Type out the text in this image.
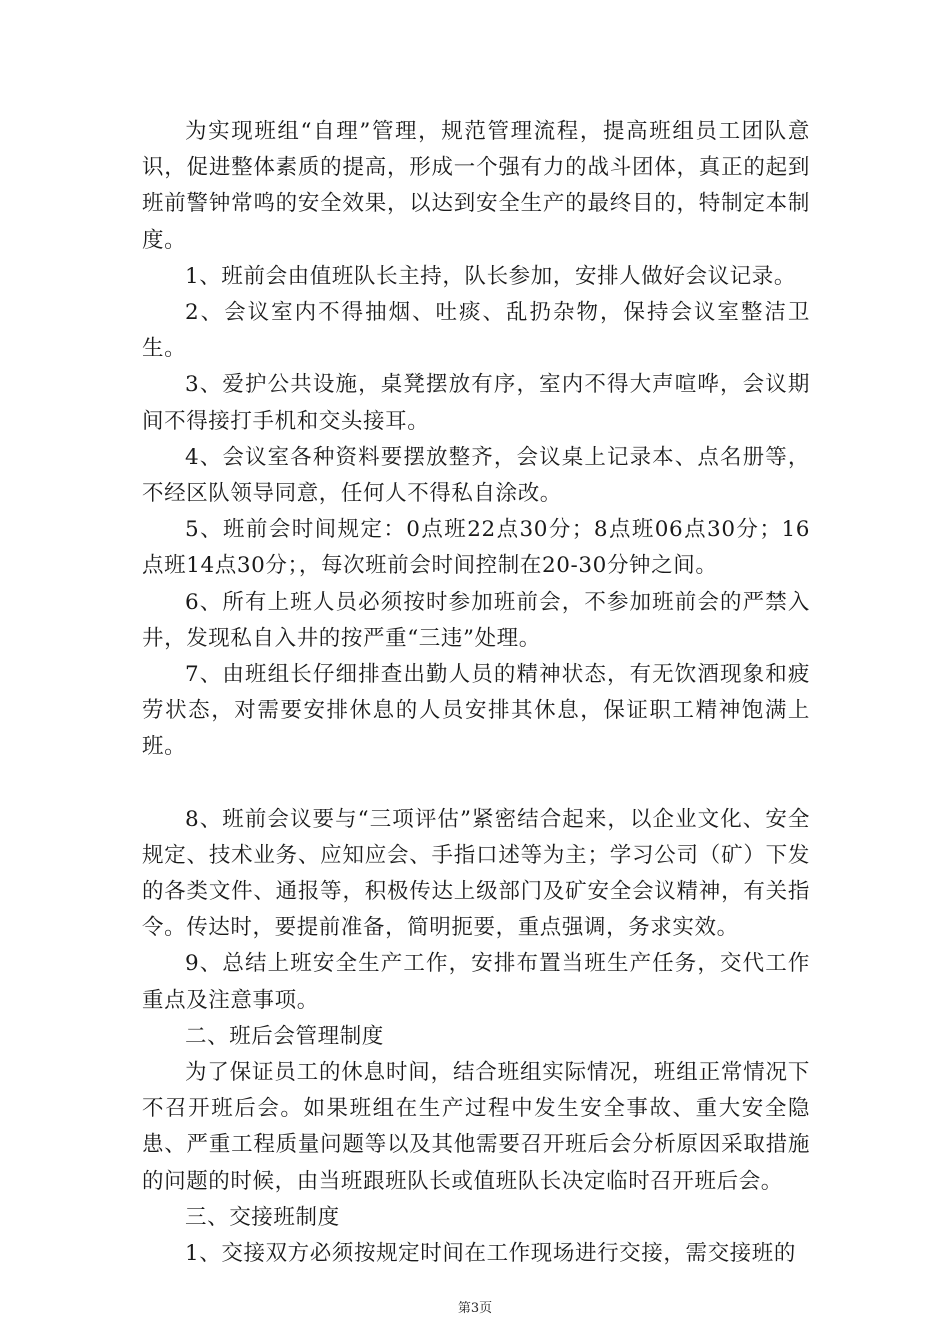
为实现班组“自理”管理，规范管理流程，提高班组员工团队意识，促进整体素质的提高，形成一个强有力的战斗团体，真正的起到班前警钟常鸣的安全效果，以达到安全生产的最终目的，特制定本制度。

1、班前会由值班队长主持，队长参加，安排人做好会议记录。

2、会议室内不得抽烟、吐痰、乱扔杂物，保持会议室整洁卫生。

3、爱护公共设施，桌凳摆放有序，室内不得大声喧哗，会议期间不得接打手机和交头接耳。

4、会议室各种资料要摆放整齐，会议桌上记录本、点名册等，不经区队领导同意，任何人不得私自涂改。

5、班前会时间规定：0点班22点30分；8点班06点30分；16点班14点30分；，每次班前会时间控制在20-30分钟之间。

6、所有上班人员必须按时参加班前会，不参加班前会的严禁入井，发现私自入井的按严重“三违”处理。

7、由班组长仔细排查出勤人员的精神状态，有无饮酒现象和疲劳状态，对需要安排休息的人员安排其休息，保证职工精神饱满上班。

8、班前会议要与“三项评估”紧密结合起来，以企业文化、安全规定、技术业务、应知应会、手指口述等为主；学习公司（矿）下发的各类文件、通报等，积极传达上级部门及矿安全会议精神，有关指令。传达时，要提前准备，简明扼要，重点强调，务求实效。

9、总结上班安全生产工作，安排布置当班生产任务，交代工作重点及注意事项。

二、班后会管理制度

为了保证员工的休息时间，结合班组实际情况，班组正常情况下不召开班后会。如果班组在生产过程中发生安全事故、重大安全隐患、严重工程质量问题等以及其他需要召开班后会分析原因采取措施的问题的时候，由当班跟班队长或值班队长决定临时召开班后会。

三、交接班制度

1、交接双方必须按规定时间在工作现场进行交接，需交接班的

第3页
